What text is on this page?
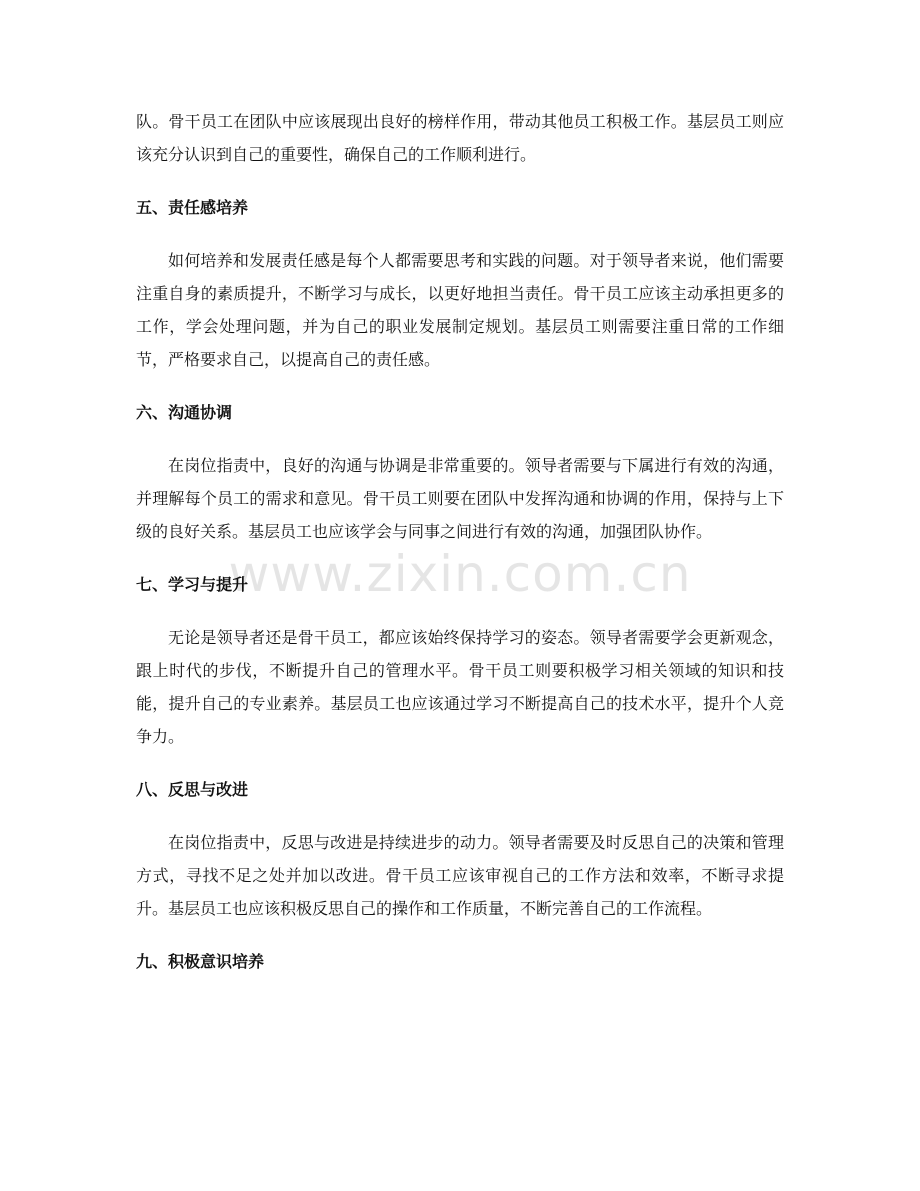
队。骨干员工在团队中应该展现出良好的榜样作用，带动其他员工积极工作。基层员工则应该充分认识到自己的重要性，确保自己的工作顺利进行。

五、责任感培养

如何培养和发展责任感是每个人都需要思考和实践的问题。对于领导者来说，他们需要注重自身的素质提升，不断学习与成长，以更好地担当责任。骨干员工应该主动承担更多的工作，学会处理问题，并为自己的职业发展制定规划。基层员工则需要注重日常的工作细节，严格要求自己，以提高自己的责任感。

六、沟通协调

在岗位指责中，良好的沟通与协调是非常重要的。领导者需要与下属进行有效的沟通，并理解每个员工的需求和意见。骨干员工则要在团队中发挥沟通和协调的作用，保持与上下级的良好关系。基层员工也应该学会与同事之间进行有效的沟通，加强团队协作。

七、学习与提升

无论是领导者还是骨干员工，都应该始终保持学习的姿态。领导者需要学会更新观念，跟上时代的步伐，不断提升自己的管理水平。骨干员工则要积极学习相关领域的知识和技能，提升自己的专业素养。基层员工也应该通过学习不断提高自己的技术水平，提升个人竞争力。

八、反思与改进

在岗位指责中，反思与改进是持续进步的动力。领导者需要及时反思自己的决策和管理方式，寻找不足之处并加以改进。骨干员工应该审视自己的工作方法和效率，不断寻求提升。基层员工也应该积极反思自己的操作和工作质量，不断完善自己的工作流程。

九、积极意识培养
www.zixin.com.cn
